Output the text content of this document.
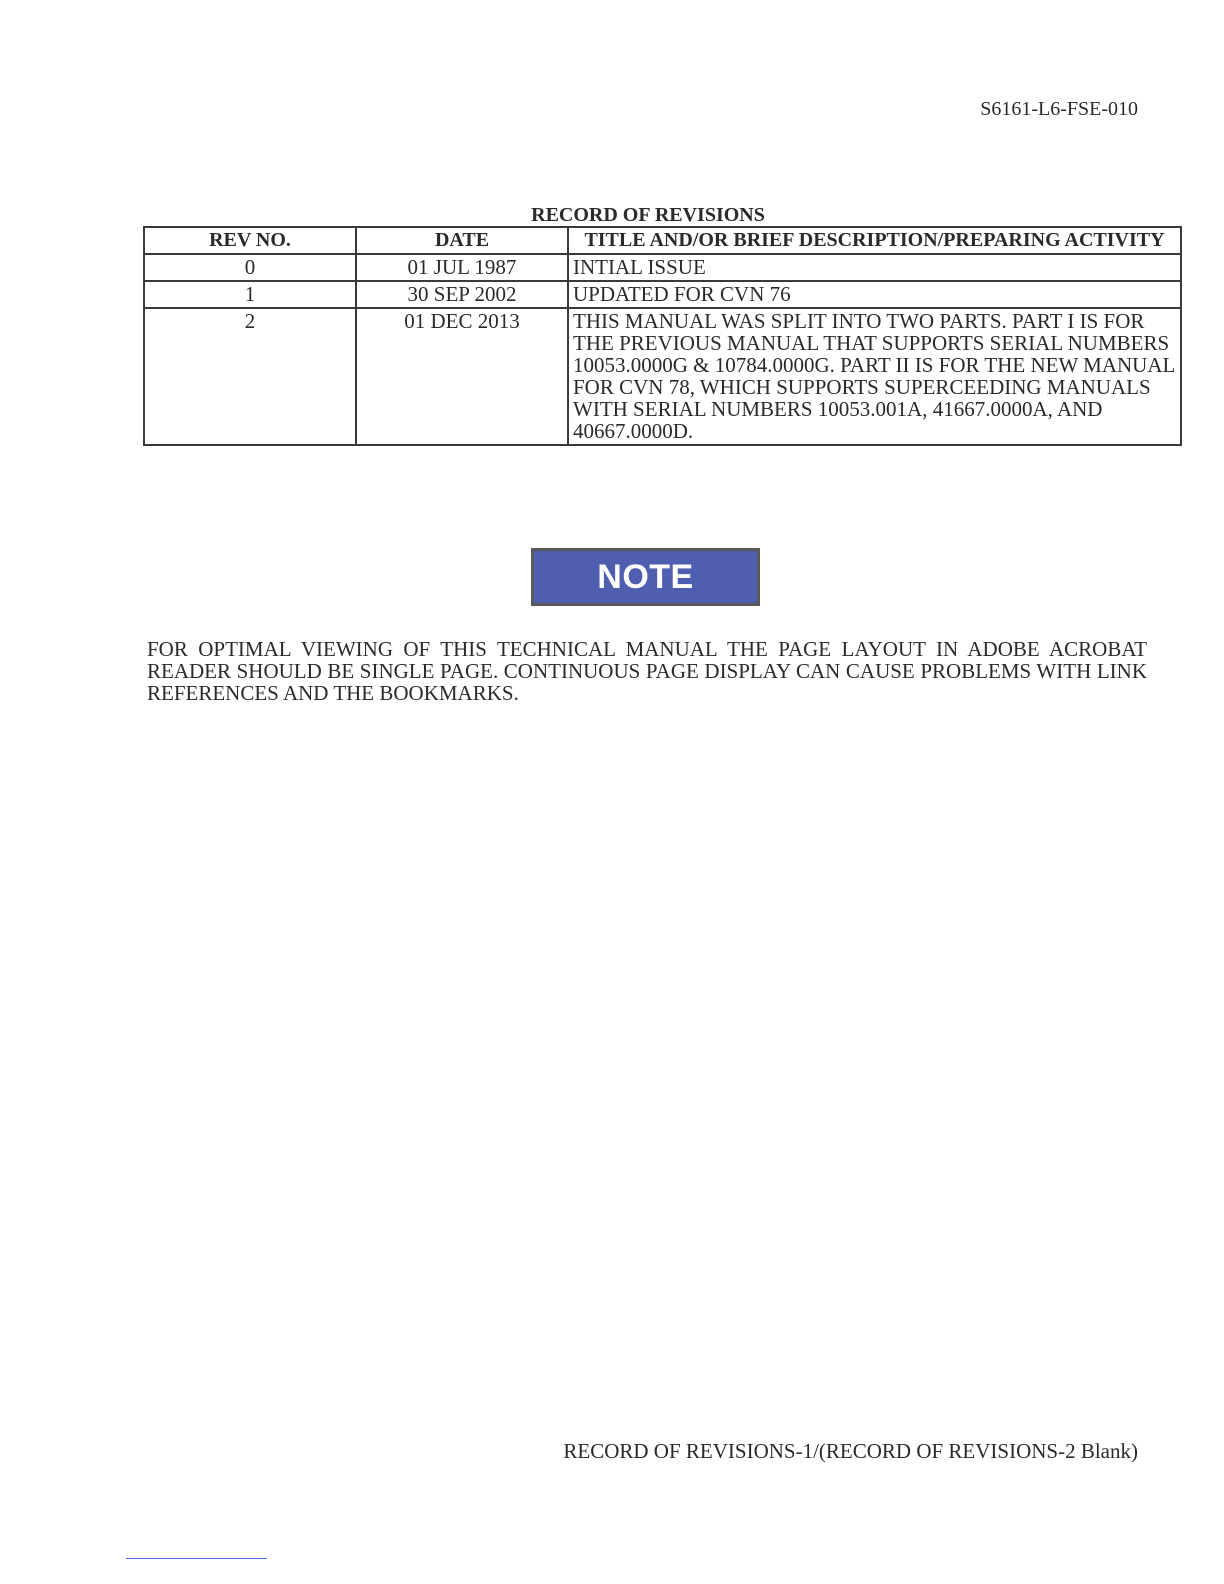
S6161-L6-FSE-010
RECORD OF REVISIONS
REV NO.	DATE	TITLE AND/OR BRIEF DESCRIPTION/PREPARING ACTIVITY
0	01 JUL 1987	INTIAL ISSUE
1	30 SEP 2002	UPDATED FOR CVN 76
2	01 DEC 2013	THIS MANUAL WAS SPLIT INTO TWO PARTS. PART I IS FOR THE PREVIOUS MANUAL THAT SUPPORTS SERIAL NUMBERS 10053.0000G & 10784.0000G. PART II IS FOR THE NEW MANUAL FOR CVN 78, WHICH SUPPORTS SUPERCEEDING MANUALS WITH SERIAL NUMBERS 10053.001A, 41667.0000A, AND 40667.0000D.
NOTE
FOR OPTIMAL VIEWING OF THIS TECHNICAL MANUAL THE PAGE LAYOUT IN ADOBE ACROBAT READER SHOULD BE SINGLE PAGE. CONTINUOUS PAGE DISPLAY CAN CAUSE PROBLEMS WITH LINK REFERENCES AND THE BOOKMARKS.
RECORD OF REVISIONS-1/(RECORD OF REVISIONS-2 Blank)
